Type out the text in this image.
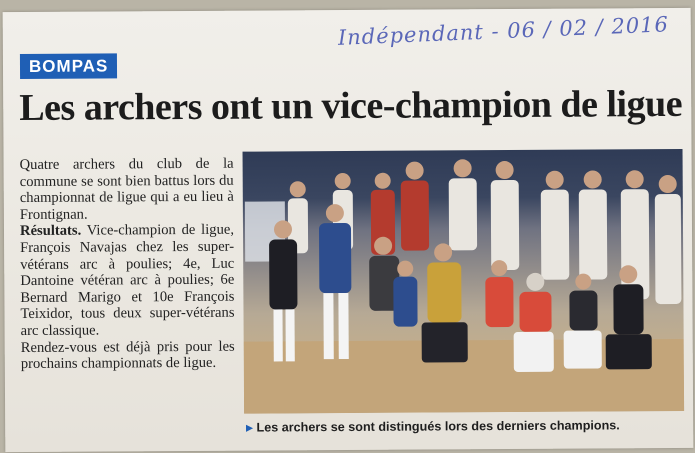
Indépendant - 06 / 02 / 2016
BOMPAS
Les archers ont un vice-champion de ligue

Quatre archers du club de la commune se sont bien battus lors du championnat de ligue qui a eu lieu à Frontignan.

Résultats. Vice-champion de ligue, François Navajas chez les super-vétérans arc à poulies; 4e, Luc Dantoine vétéran arc à poulies; 6e Bernard Marigo et 10e François Teixidor, tous deux super-vétérans arc classique.

Rendez-vous est déjà pris pour les prochains championnats de ligue.

▸ Les archers se sont distingués lors des derniers champions.
